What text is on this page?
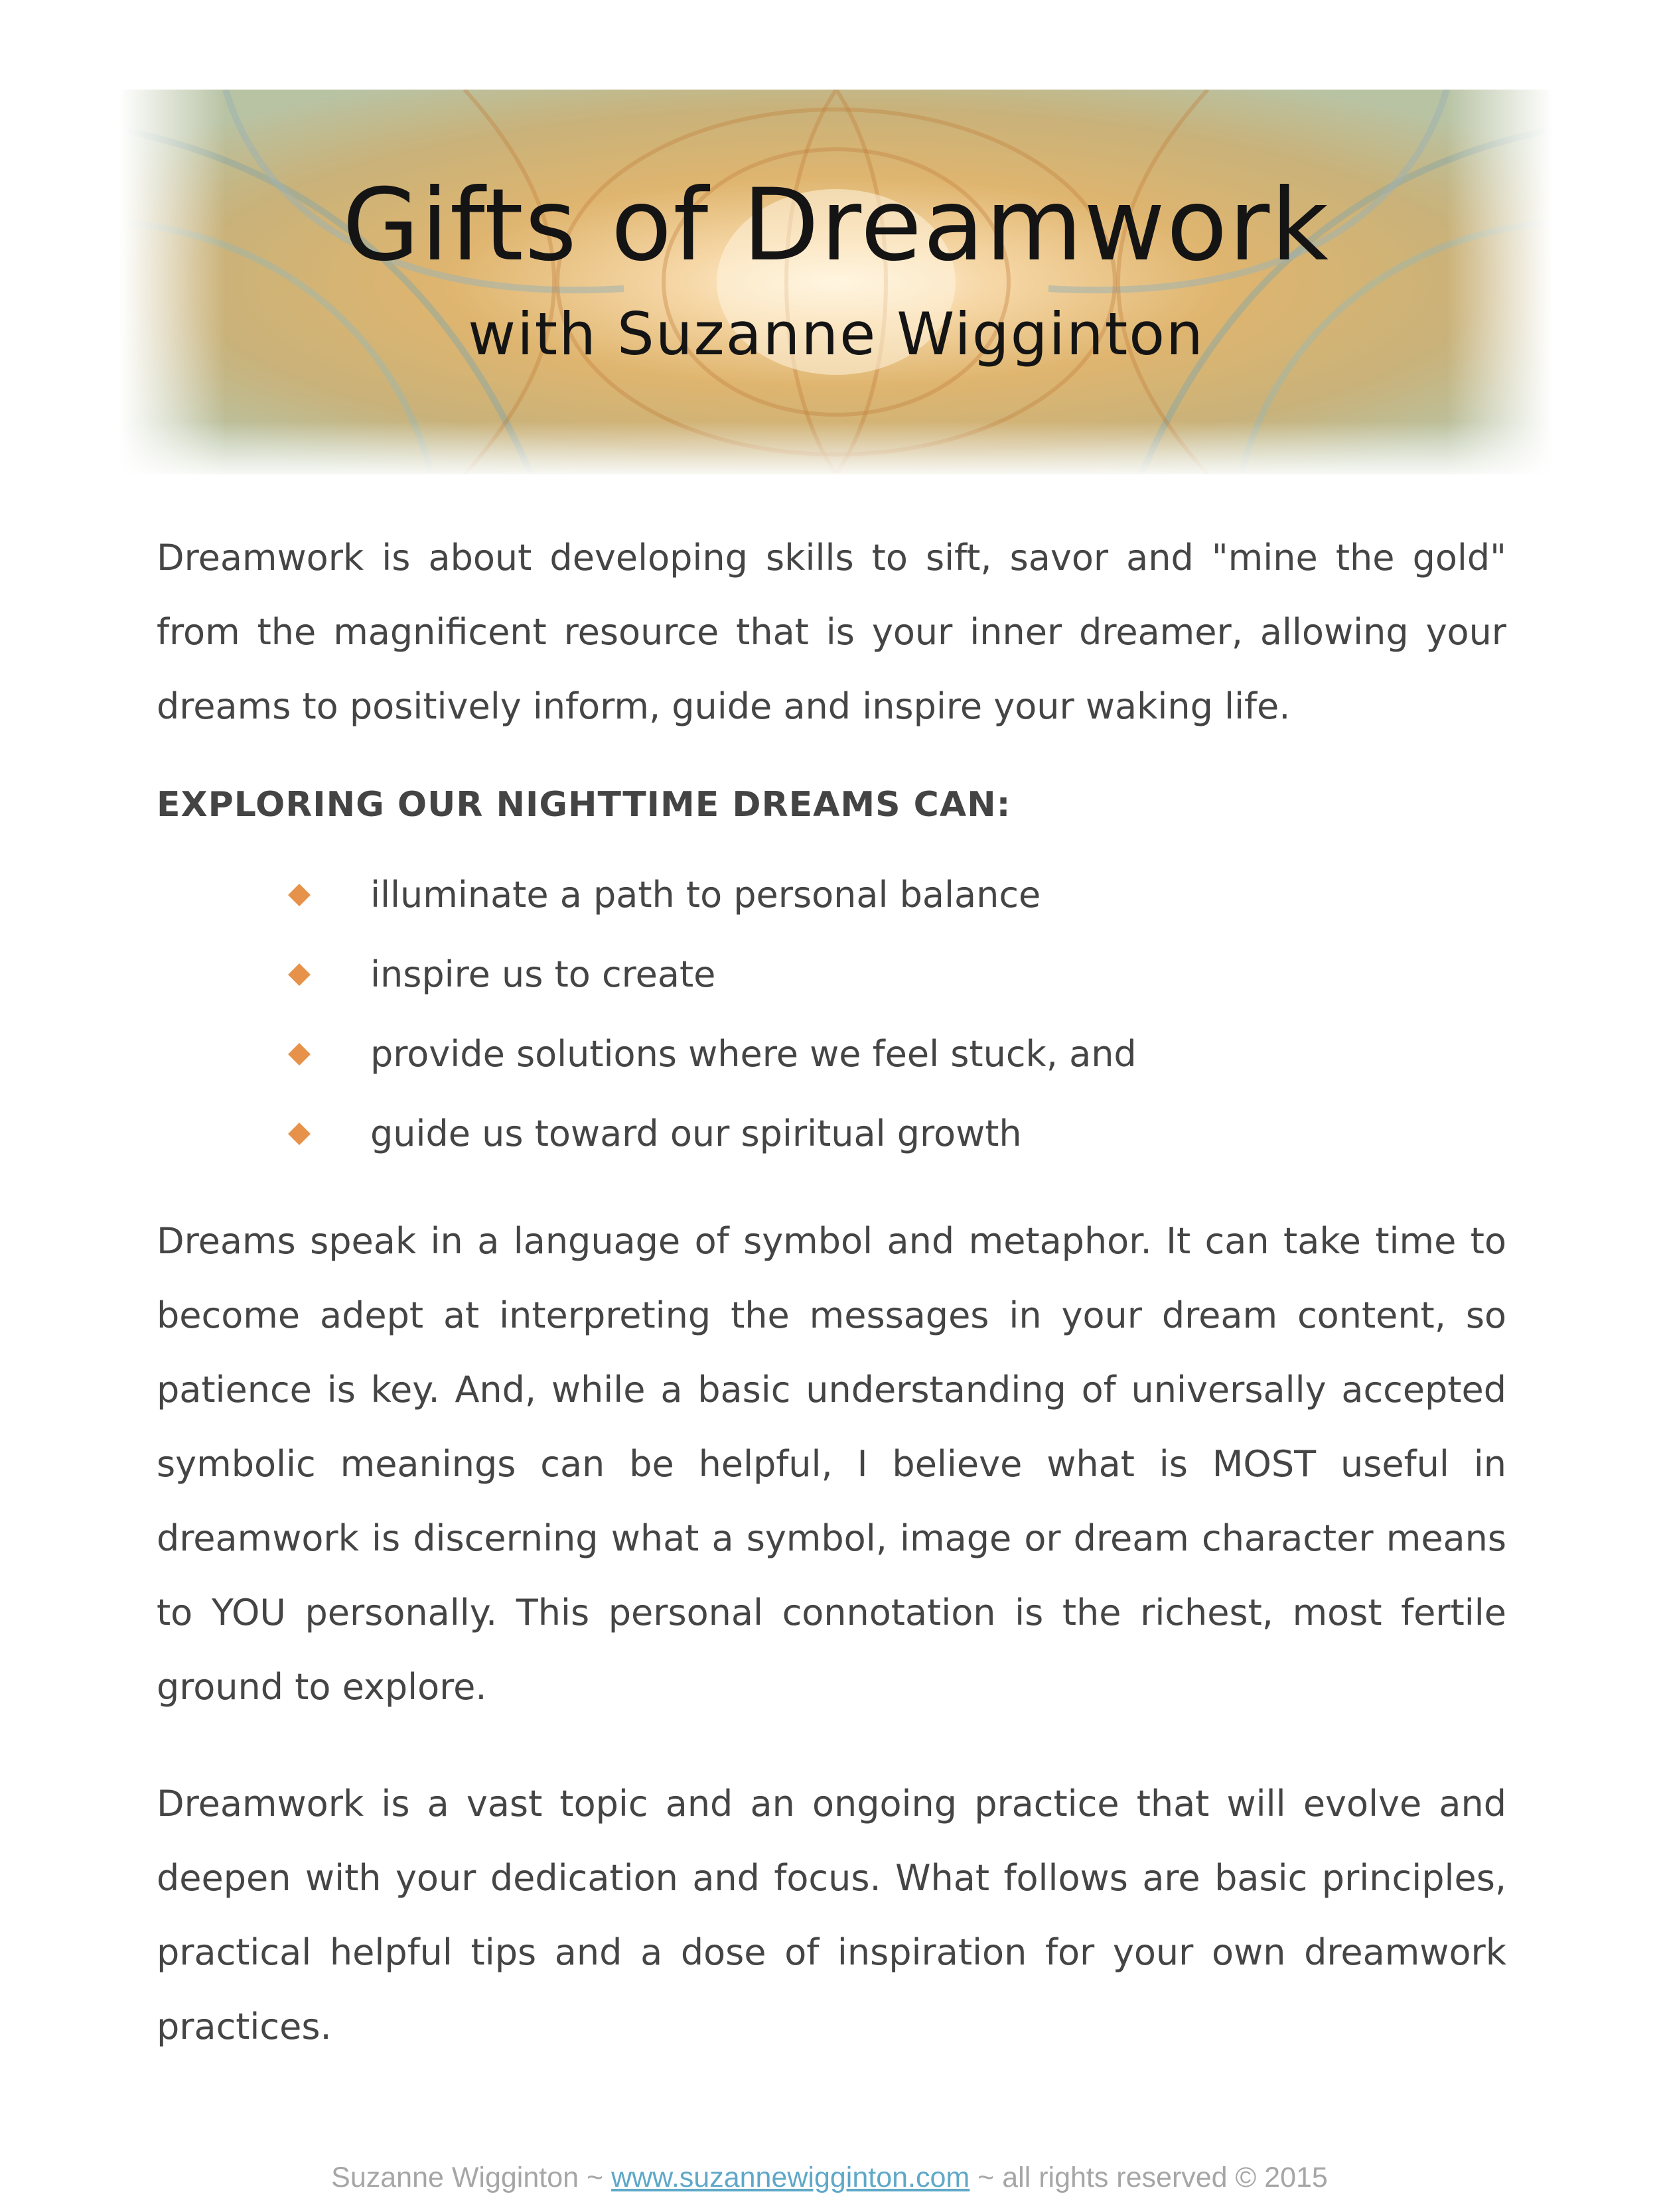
Gifts of Dreamwork
with Suzanne Wigginton

Dreamwork is about developing skills to sift, savor and "mine the gold" from the magnificent resource that is your inner dreamer, allowing your dreams to positively inform, guide and inspire your waking life.

EXPLORING OUR NIGHTTIME DREAMS CAN:

illuminate a path to personal balance
inspire us to create
provide solutions where we feel stuck, and
guide us toward our spiritual growth

Dreams speak in a language of symbol and metaphor. It can take time to become adept at interpreting the messages in your dream content, so patience is key. And, while a basic understanding of universally accepted symbolic meanings can be helpful, I believe what is MOST useful in dreamwork is discerning what a symbol, image or dream character means to YOU personally. This personal connotation is the richest, most fertile ground to explore.

Dreamwork is a vast topic and an ongoing practice that will evolve and deepen with your dedication and focus. What follows are basic principles, practical helpful tips and a dose of inspiration for your own dreamwork practices.

Suzanne Wigginton ~ www.suzannewigginton.com ~ all rights reserved © 2015
